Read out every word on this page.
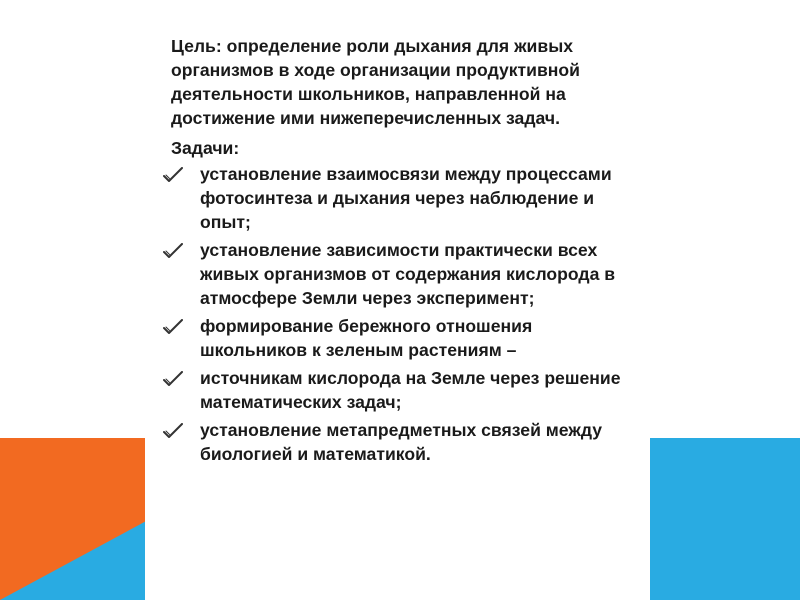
Цель: определение роли дыхания для живых организмов в ходе организации продуктивной деятельности школьников, направленной на достижение ими нижеперечисленных задач.

Задачи:

установление взаимосвязи между процессами фотосинтеза и дыхания через наблюдение и опыт;
установление зависимости практически всех живых организмов от содержания кислорода в атмосфере Земли через эксперимент;
формирование бережного отношения школьников к зеленым растениям –
источникам кислорода на Земле через решение математических задач;
установление метапредметных связей между биологией и математикой.
